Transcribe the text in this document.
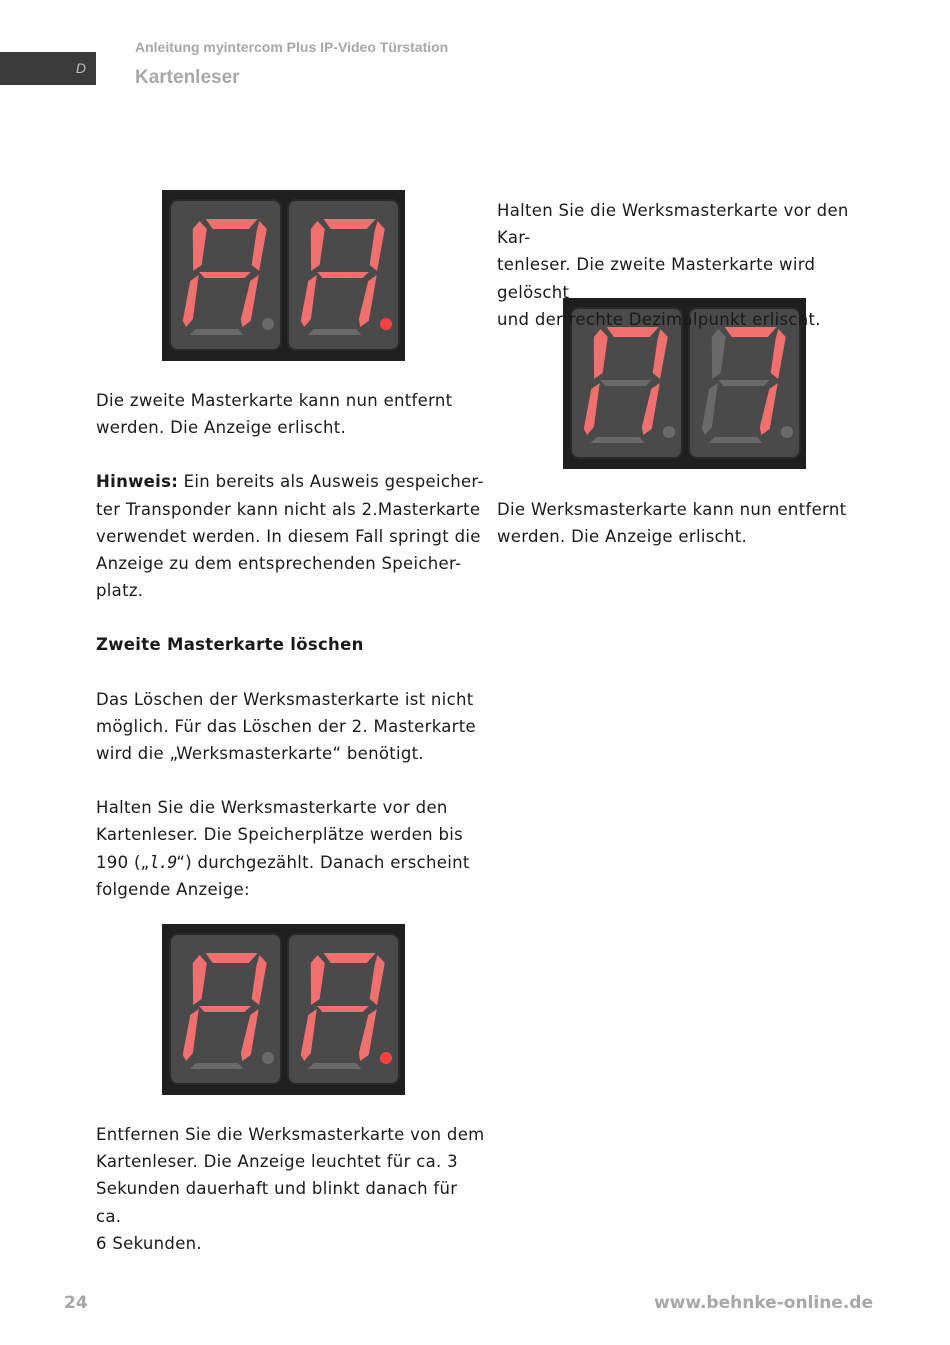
D
Anleitung myintercom Plus IP-Video Türstation
Kartenleser

Halten Sie die Werksmasterkarte vor den Kar-
tenleser. Die zweite Masterkarte wird gelöscht
und der rechte Dezimalpunkt erlischt.

Die Werksmasterkarte kann nun entfernt
werden. Die Anzeige erlischt.

Die zweite Masterkarte kann nun entfernt
werden. Die Anzeige erlischt.

Hinweis: Ein bereits als Ausweis gespeicher-
ter Transponder kann nicht als 2.Masterkarte
verwendet werden. In diesem Fall springt die
Anzeige zu dem entsprechenden Speicher-
platz.

Zweite Masterkarte löschen

Das Löschen der Werksmasterkarte ist nicht
möglich. Für das Löschen der 2. Masterkarte
wird die „Werksmasterkarte“ benötigt.

Halten Sie die Werksmasterkarte vor den
Kartenleser. Die Speicherplätze werden bis
190 („l.9“) durchgezählt. Danach erscheint
folgende Anzeige:

Entfernen Sie die Werksmasterkarte von dem
Kartenleser. Die Anzeige leuchtet für ca. 3
Sekunden dauerhaft und blinkt danach für ca.
6 Sekunden.

24	www.behnke-online.de
